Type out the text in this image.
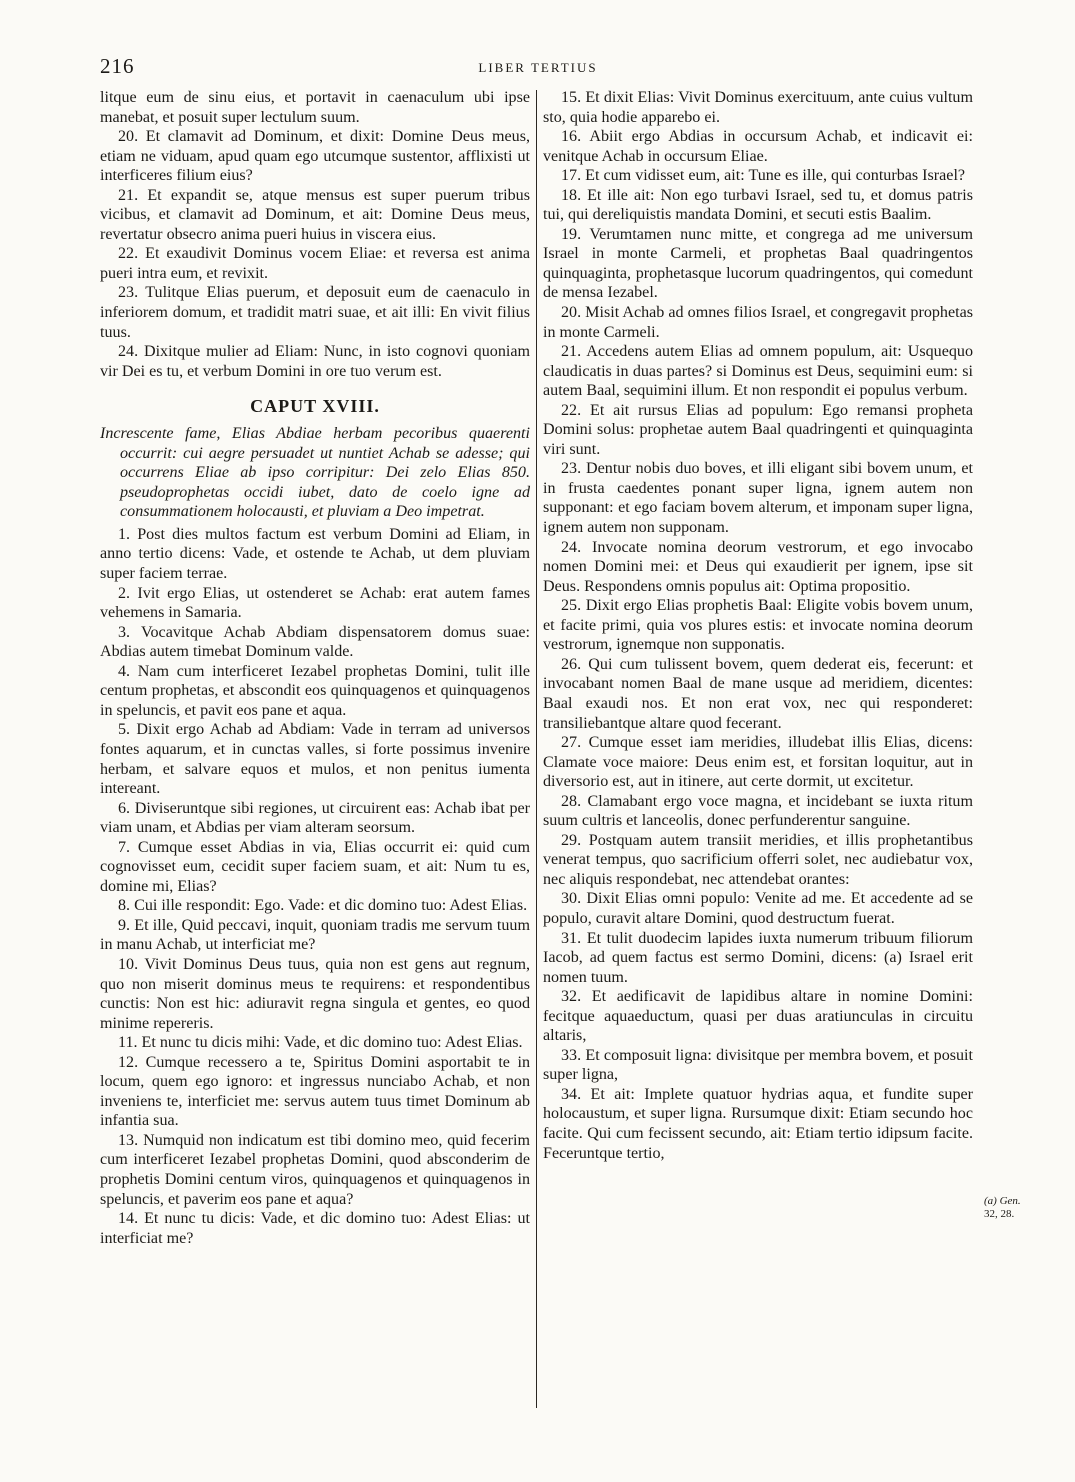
216	LIBER TERTIUS

litque eum de sinu eius, et portavit in caenaculum ubi ipse manebat, et posuit super lectulum suum.

20. Et clamavit ad Dominum, et dixit: Domine Deus meus, etiam ne viduam, apud quam ego utcumque sustentor, afflixisti ut interficeres filium eius?

21. Et expandit se, atque mensus est super puerum tribus vicibus, et clamavit ad Dominum, et ait: Domine Deus meus, revertatur obsecro anima pueri huius in viscera eius.

22. Et exaudivit Dominus vocem Eliae: et reversa est anima pueri intra eum, et revixit.

23. Tulitque Elias puerum, et deposuit eum de caenaculo in inferiorem domum, et tradidit matri suae, et ait illi: En vivit filius tuus.

24. Dixitque mulier ad Eliam: Nunc, in isto cognovi quoniam vir Dei es tu, et verbum Domini in ore tuo verum est.

CAPUT XVIII.

Increscente fame, Elias Abdiae herbam pecoribus quaerenti occurrit: cui aegre persuadet ut nuntiet Achab se adesse; qui occurrens Eliae ab ipso corripitur: Dei zelo Elias 850. pseudoprophetas occidi iubet, dato de coelo igne ad consummationem holocausti, et pluviam a Deo impetrat.

1. Post dies multos factum est verbum Domini ad Eliam, in anno tertio dicens: Vade, et ostende te Achab, ut dem pluviam super faciem terrae.

2. Ivit ergo Elias, ut ostenderet se Achab: erat autem fames vehemens in Samaria.

3. Vocavitque Achab Abdiam dispensatorem domus suae: Abdias autem timebat Dominum valde.

4. Nam cum interficeret Iezabel prophetas Domini, tulit ille centum prophetas, et abscondit eos quinquagenos et quinquagenos in speluncis, et pavit eos pane et aqua.

5. Dixit ergo Achab ad Abdiam: Vade in terram ad universos fontes aquarum, et in cunctas valles, si forte possimus invenire herbam, et salvare equos et mulos, et non penitus iumenta intereant.

6. Diviseruntque sibi regiones, ut circuirent eas: Achab ibat per viam unam, et Abdias per viam alteram seorsum.

7. Cumque esset Abdias in via, Elias occurrit ei: quid cum cognovisset eum, cecidit super faciem suam, et ait: Num tu es, domine mi, Elias?

8. Cui ille respondit: Ego. Vade: et dic domino tuo: Adest Elias.

9. Et ille, Quid peccavi, inquit, quoniam tradis me servum tuum in manu Achab, ut interficiat me?

10. Vivit Dominus Deus tuus, quia non est gens aut regnum, quo non miserit dominus meus te requirens: et respondentibus cunctis: Non est hic: adiuravit regna singula et gentes, eo quod minime repereris.

11. Et nunc tu dicis mihi: Vade, et dic domino tuo: Adest Elias.

12. Cumque recessero a te, Spiritus Domini asportabit te in locum, quem ego ignoro: et ingressus nunciabo Achab, et non inveniens te, interficiet me: servus autem tuus timet Dominum ab infantia sua.

13. Numquid non indicatum est tibi domino meo, quid fecerim cum interficeret Iezabel prophetas Domini, quod absconderim de prophetis Domini centum viros, quinquagenos et quinquagenos in speluncis, et paverim eos pane et aqua?

14. Et nunc tu dicis: Vade, et dic domino tuo: Adest Elias: ut interficiat me?

15. Et dixit Elias: Vivit Dominus exercituum, ante cuius vultum sto, quia hodie apparebo ei.

16. Abiit ergo Abdias in occursum Achab, et indicavit ei: venitque Achab in occursum Eliae.

17. Et cum vidisset eum, ait: Tune es ille, qui conturbas Israel?

18. Et ille ait: Non ego turbavi Israel, sed tu, et domus patris tui, qui dereliquistis mandata Domini, et secuti estis Baalim.

19. Verumtamen nunc mitte, et congrega ad me universum Israel in monte Carmeli, et prophetas Baal quadringentos quinquaginta, prophetasque lucorum quadringentos, qui comedunt de mensa Iezabel.

20. Misit Achab ad omnes filios Israel, et congregavit prophetas in monte Carmeli.

21. Accedens autem Elias ad omnem populum, ait: Usquequo claudicatis in duas partes? si Dominus est Deus, sequimini eum: si autem Baal, sequimini illum. Et non respondit ei populus verbum.

22. Et ait rursus Elias ad populum: Ego remansi propheta Domini solus: prophetae autem Baal quadringenti et quinquaginta viri sunt.

23. Dentur nobis duo boves, et illi eligant sibi bovem unum, et in frusta caedentes ponant super ligna, ignem autem non supponant: et ego faciam bovem alterum, et imponam super ligna, ignem autem non supponam.

24. Invocate nomina deorum vestrorum, et ego invocabo nomen Domini mei: et Deus qui exaudierit per ignem, ipse sit Deus. Respondens omnis populus ait: Optima propositio.

25. Dixit ergo Elias prophetis Baal: Eligite vobis bovem unum, et facite primi, quia vos plures estis: et invocate nomina deorum vestrorum, ignemque non supponatis.

26. Qui cum tulissent bovem, quem dederat eis, fecerunt: et invocabant nomen Baal de mane usque ad meridiem, dicentes: Baal exaudi nos. Et non erat vox, nec qui responderet: transiliebantque altare quod fecerant.

27. Cumque esset iam meridies, illudebat illis Elias, dicens: Clamate voce maiore: Deus enim est, et forsitan loquitur, aut in diversorio est, aut in itinere, aut certe dormit, ut excitetur.

28. Clamabant ergo voce magna, et incidebant se iuxta ritum suum cultris et lanceolis, donec perfunderentur sanguine.

29. Postquam autem transiit meridies, et illis prophetantibus venerat tempus, quo sacrificium offerri solet, nec audiebatur vox, nec aliquis respondebat, nec attendebat orantes:

30. Dixit Elias omni populo: Venite ad me. Et accedente ad se populo, curavit altare Domini, quod destructum fuerat.

31. Et tulit duodecim lapides iuxta numerum tribuum filiorum Iacob, ad quem factus est sermo Domini, dicens: (a) Israel erit nomen tuum.

32. Et aedificavit de lapidibus altare in nomine Domini: fecitque aquaeductum, quasi per duas aratiunculas in circuitu altaris,

33. Et composuit ligna: divisitque per membra bovem, et posuit super ligna,

34. Et ait: Implete quatuor hydrias aqua, et fundite super holocaustum, et super ligna. Rursumque dixit: Etiam secundo hoc facite. Qui cum fecissent secundo, ait: Etiam tertio idipsum facite. Feceruntque tertio,

(a) Gen.
32, 28.
